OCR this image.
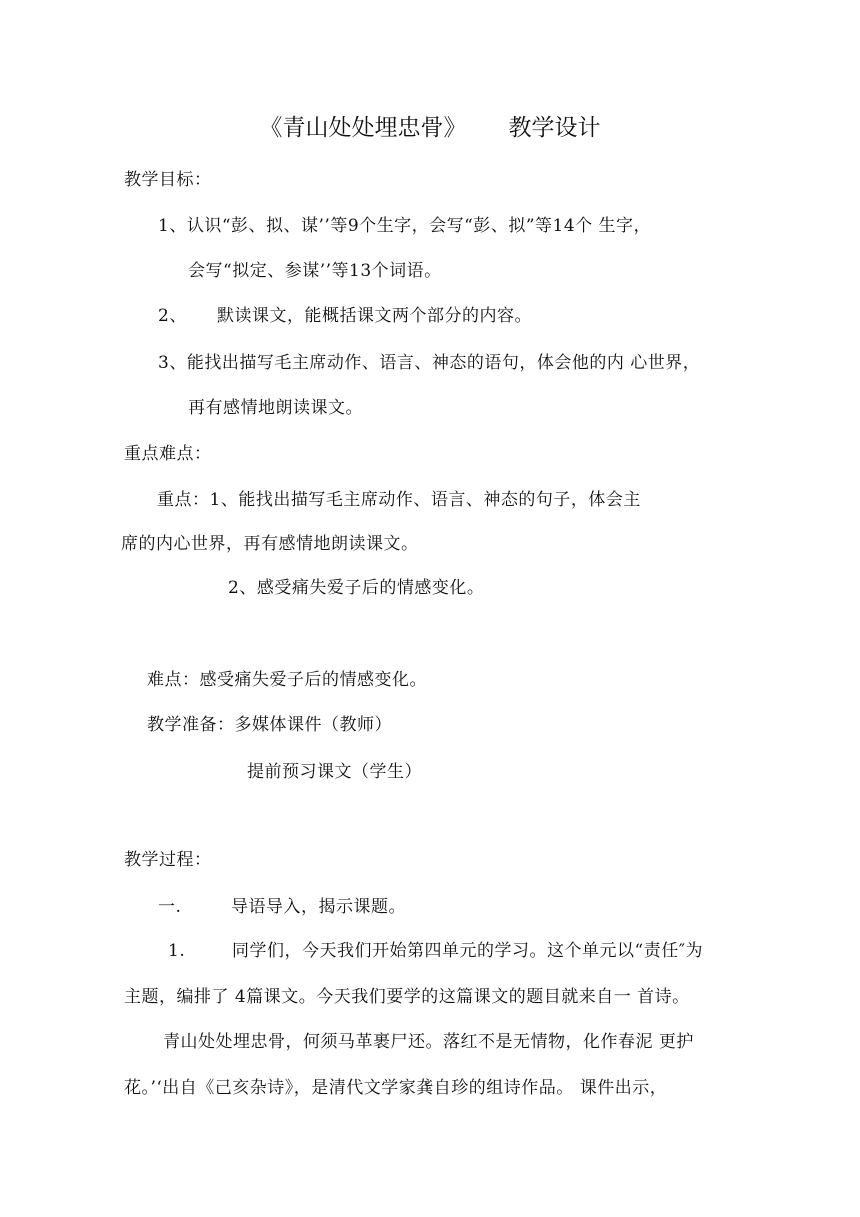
《青山处处埋忠骨》 教学设计
教学目标：
1、认识“彭、拟、谋’’等9个生字，会写“彭、拟”等14个 生字，
会写“拟定、参谋’’等13个词语。
2、 默读课文，能概括课文两个部分的内容。
3、能找出描写毛主席动作、语言、神态的语句，体会他的内 心世界，
再有感情地朗读课文。
重点难点：
重点：1、能找出描写毛主席动作、语言、神态的句子，体会主
席的内心世界，再有感情地朗读课文。
2、感受痛失爱子后的情感变化。
难点：感受痛失爱子后的情感变化。
教学准备：多媒体课件（教师）
提前预习课文（学生）
教学过程：
一.	导语导入，揭示课题。
1.	同学们，今天我们开始第四单元的学习。这个单元以“责任″为
主题，编排了 4篇课文。今天我们要学的这篇课文的题目就来自一 首诗。
青山处处埋忠骨，何须马革裹尸还。落红不是无情物，化作春泥 更护
花。’‘出自《己亥杂诗》，是清代文学家龚自珍的组诗作品。 课件出示，
